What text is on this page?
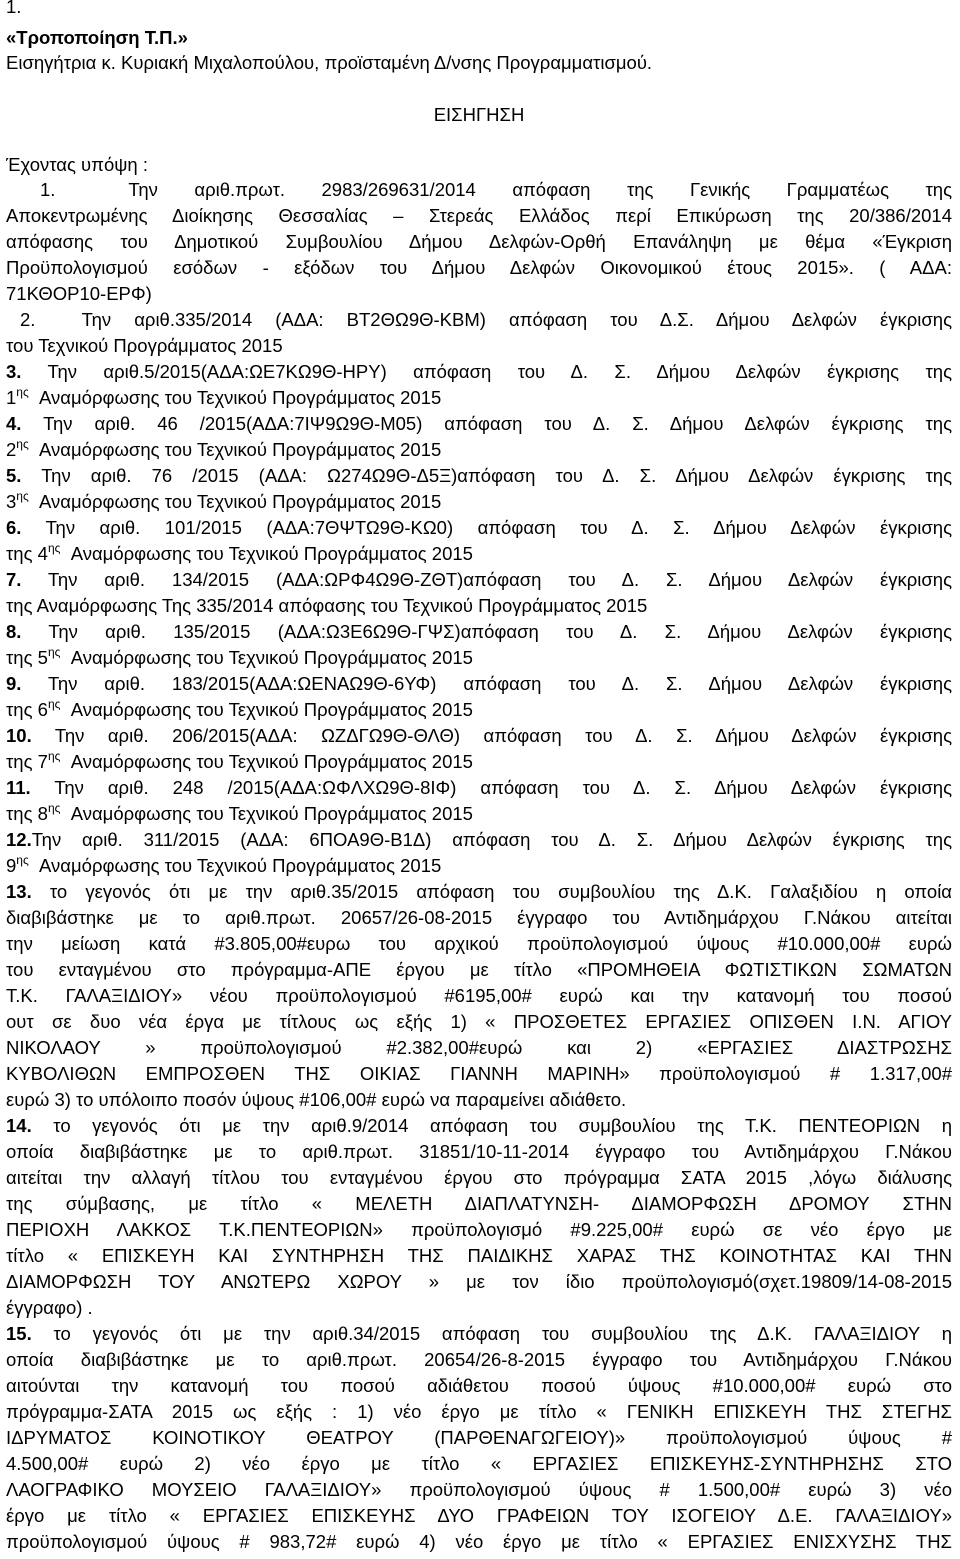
1.
«Τροποποίηση Τ.Π.»
Εισηγήτρια κ. Κυριακή Μιχαλοπούλου, προϊσταμένη Δ/νσης Προγραμματισμού.
ΕΙΣΗΓΗΣΗ
Έχοντας υπόψη :
1.	Την αριθ.πρωτ. 2983/269631/2014 απόφαση της Γενικής Γραμματέως της
Αποκεντρωμένης Διοίκησης Θεσσαλίας – Στερεάς Ελλάδος περί Επικύρωση της 20/386/2014
απόφασης του Δημοτικού Συμβουλίου Δήμου Δελφών-Ορθή Επανάληψη με θέμα «Έγκριση
Προϋπολογισμού εσόδων - εξόδων του Δήμου Δελφών Οικονομικού έτους 2015». ( ΑΔΑ:
71ΚΘΟΡ10-ΕΡΦ)
2. Την αριθ.335/2014 (ΑΔΑ: ΒΤ2ΘΩ9Θ-ΚΒΜ) απόφαση του Δ.Σ. Δήμου Δελφών έγκρισης
του Τεχνικού Προγράμματος 2015
3. Την αριθ.5/2015(ΑΔΑ:ΩΕ7ΚΩ9Θ-ΗΡΥ) απόφαση του Δ. Σ. Δήμου Δελφών έγκρισης της
$1^{\eta\varsigma}$ Αναμόρφωσης του Τεχνικού Προγράμματος 2015
4. Την αριθ. 46 /2015(ΑΔΑ:7ΙΨ9Ω9Θ-Μ05) απόφαση του Δ. Σ. Δήμου Δελφών έγκρισης της
$2^{\eta\varsigma}$ Αναμόρφωσης του Τεχνικού Προγράμματος 2015
5. Την αριθ. 76 /2015 (ΑΔΑ: Ω274Ω9Θ-Δ5Ξ)απόφαση του Δ. Σ. Δήμου Δελφών έγκρισης της
$3^{\eta\varsigma}$ Αναμόρφωσης του Τεχνικού Προγράμματος 2015
6. Την αριθ. 101/2015 (ΑΔΑ:7ΘΨΤΩ9Θ-ΚΩ0) απόφαση του Δ. Σ. Δήμου Δελφών έγκρισης
της $4^{\eta\varsigma}$ Αναμόρφωσης του Τεχνικού Προγράμματος 2015
7. Την αριθ. 134/2015 (ΑΔΑ:ΩΡΦ4Ω9Θ-ΖΘΤ)απόφαση του Δ. Σ. Δήμου Δελφών έγκρισης
της Αναμόρφωσης Της 335/2014 απόφασης του Τεχνικού Προγράμματος 2015
8. Την αριθ. 135/2015 (ΑΔΑ:Ω3Ε6Ω9Θ-ΓΨΣ)απόφαση του Δ. Σ. Δήμου Δελφών έγκρισης
της $5^{\eta\varsigma}$ Αναμόρφωσης του Τεχνικού Προγράμματος 2015
9. Την αριθ. 183/2015(ΑΔΑ:ΩΕΝΑΩ9Θ-6ΥΦ) απόφαση του Δ. Σ. Δήμου Δελφών έγκρισης
της $6^{\eta\varsigma}$ Αναμόρφωσης του Τεχνικού Προγράμματος 2015
10. Την αριθ. 206/2015(ΑΔΑ: ΩΖΔΓΩ9Θ-ΘΛΘ) απόφαση του Δ. Σ. Δήμου Δελφών έγκρισης
της $7^{\eta\varsigma}$ Αναμόρφωσης του Τεχνικού Προγράμματος 2015
11. Την αριθ. 248 /2015(ΑΔΑ:ΩΦΛΧΩ9Θ-8ΙΦ) απόφαση του Δ. Σ. Δήμου Δελφών έγκρισης
της $8^{\eta\varsigma}$ Αναμόρφωσης του Τεχνικού Προγράμματος 2015
12.Την αριθ. 311/2015 (ΑΔΑ: 6ΠΟΑ9Θ-Β1Δ) απόφαση του Δ. Σ. Δήμου Δελφών έγκρισης της
$9^{\eta\varsigma}$ Αναμόρφωσης του Τεχνικού Προγράμματος 2015
13. το γεγονός ότι με την αριθ.35/2015 απόφαση του συμβουλίου της Δ.Κ. Γαλαξιδίου η οποία
διαβιβάστηκε με το αριθ.πρωτ. 20657/26-08-2015 έγγραφο του Αντιδημάρχου Γ.Νάκου αιτείται
την μείωση κατά #3.805,00#ευρω του αρχικού προϋπολογισμού ύψους #10.000,00# ευρώ
του ενταγμένου στο πρόγραμμα-ΑΠΕ έργου με τίτλο «ΠΡΟΜΗΘΕΙΑ ΦΩΤΙΣΤΙΚΩΝ ΣΩΜΑΤΩΝ
Τ.Κ. ΓΑΛΑΞΙΔΙΟΥ» νέου προϋπολογισμού #6195,00# ευρώ και την κατανομή του ποσού
ουτ σε δυο νέα έργα με τίτλους ως εξής 1) « ΠΡΟΣΘΕΤΕΣ ΕΡΓΑΣΙΕΣ ΟΠΙΣΘΕΝ Ι.Ν. ΑΓΙΟΥ
ΝΙΚΟΛΑΟΥ » προϋπολογισμού #2.382,00#ευρώ και 2) «ΕΡΓΑΣΙΕΣ ΔΙΑΣΤΡΩΣΗΣ
ΚΥΒΟΛΙΘΩΝ ΕΜΠΡΟΣΘΕΝ ΤΗΣ ΟΙΚΙΑΣ ΓΙΑΝΝΗ ΜΑΡΙΝΗ» προϋπολογισμού # 1.317,00#
ευρώ 3) το υπόλοιπο ποσόν ύψους #106,00# ευρώ να παραμείνει αδιάθετο.
14. το γεγονός ότι με την αριθ.9/2014 απόφαση του συμβουλίου της Τ.Κ. ΠΕΝΤΕΟΡΙΩΝ η
οποία διαβιβάστηκε με το αριθ.πρωτ. 31851/10-11-2014 έγγραφο του Αντιδημάρχου Γ.Νάκου
αιτείται την αλλαγή τίτλου του ενταγμένου έργου στο πρόγραμμα ΣΑΤΑ 2015 ,λόγω διάλυσης
της σύμβασης, με τίτλο « ΜΕΛΕΤΗ ΔΙΑΠΛΑΤΥΝΣΗ- ΔΙΑΜΟΡΦΩΣΗ ΔΡΟΜΟΥ ΣΤΗΝ
ΠΕΡΙΟΧΗ ΛΑΚΚΟΣ Τ.Κ.ΠΕΝΤΕΟΡΙΩΝ» προϋπολογισμό #9.225,00# ευρώ σε νέο έργο με
τίτλο « ΕΠΙΣΚΕΥΗ ΚΑΙ ΣΥΝΤΗΡΗΣΗ ΤΗΣ ΠΑΙΔΙΚΗΣ ΧΑΡΑΣ ΤΗΣ ΚΟΙΝΟΤΗΤΑΣ ΚΑΙ ΤΗΝ
ΔΙΑΜΟΡΦΩΣΗ ΤΟΥ ΑΝΩΤΕΡΩ ΧΩΡΟΥ » με τον ίδιο προϋπολογισμό(σχετ.19809/14-08-2015
έγγραφο) .
15. το γεγονός ότι με την αριθ.34/2015 απόφαση του συμβουλίου της Δ.Κ. ΓΑΛΑΞΙΔΙΟΥ η
οποία διαβιβάστηκε με το αριθ.πρωτ. 20654/26-8-2015 έγγραφο του Αντιδημάρχου Γ.Νάκου
αιτούνται την κατανομή του ποσού αδιάθετου ποσού ύψους #10.000,00# ευρώ στο
πρόγραμμα-ΣΑΤΑ 2015 ως εξής : 1) νέο έργο με τίτλο « ΓΕΝΙΚΗ ΕΠΙΣΚΕΥΗ ΤΗΣ ΣΤΕΓΗΣ
ΙΔΡΥΜΑΤΟΣ ΚΟΙΝΟΤΙΚΟΥ ΘΕΑΤΡΟΥ (ΠΑΡΘΕΝΑΓΩΓΕΙΟΥ)» προϋπολογισμού ύψους #
4.500,00# ευρώ 2) νέο έργο με τίτλο « ΕΡΓΑΣΙΕΣ ΕΠΙΣΚΕΥΗΣ-ΣΥΝΤΗΡΗΣΗΣ ΣΤΟ
ΛΑΟΓΡΑΦΙΚΟ ΜΟΥΣΕΙΟ ΓΑΛΑΞΙΔΙΟΥ» προϋπολογισμού ύψους # 1.500,00# ευρώ 3) νέο
έργο με τίτλο « ΕΡΓΑΣΙΕΣ ΕΠΙΣΚΕΥΗΣ ΔΥΟ ΓΡΑΦΕΙΩΝ ΤΟΥ ΙΣΟΓΕΙΟΥ Δ.Ε. ΓΑΛΑΞΙΔΙΟΥ»
προϋπολογισμού ύψους # 983,72# ευρώ 4) νέο έργο με τίτλο « ΕΡΓΑΣΙΕΣ ΕΝΙΣΧΥΣΗΣ ΤΗΣ
